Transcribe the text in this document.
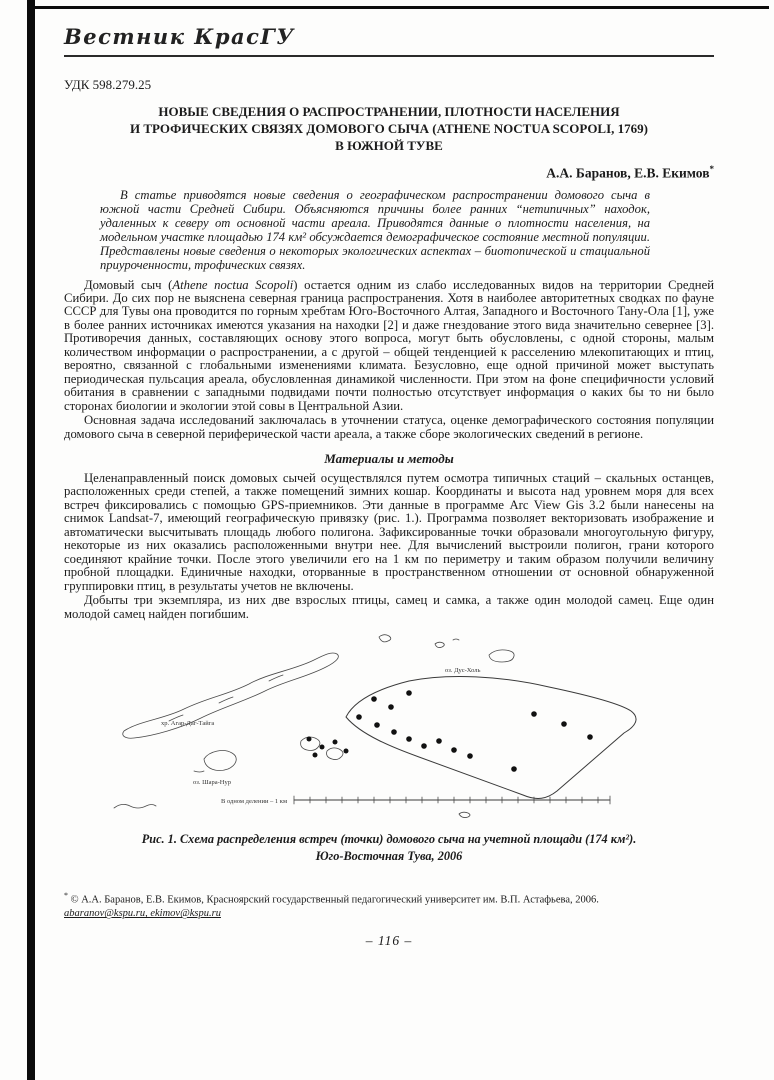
Вестник КрасГУ
УДК 598.279.25
НОВЫЕ СВЕДЕНИЯ О РАСПРОСТРАНЕНИИ, ПЛОТНОСТИ НАСЕЛЕНИЯ
И ТРОФИЧЕСКИХ СВЯЗЯХ ДОМОВОГО СЫЧА (ATHENE NOCTUA SCOPOLI, 1769)
В ЮЖНОЙ ТУВЕ
А.А. Баранов, Е.В. Екимов*
В статье приводятся новые сведения о географическом распространении домового сыча в южной части Средней Сибири. Объясняются причины более ранних “нетипичных” находок, удаленных к северу от основной части ареала. Приводятся данные о плотности населения, на модельном участке площадью 174 км² обсуждается демографическое состояние местной популяции. Представлены новые сведения о некоторых экологических аспектах – биотопической и стациальной приуроченности, трофических связях.

Домовый сыч (Athene noctua Scopoli) остается одним из слабо исследованных видов на территории Средней Сибири. До сих пор не выяснена северная граница распространения. Хотя в наиболее авторитетных сводках по фауне СССР для Тувы она проводится по горным хребтам Юго-Восточного Алтая, Западного и Восточного Тану-Ола [1], уже в более ранних источниках имеются указания на находки [2] и даже гнездование этого вида значительно севернее [3]. Противоречия данных, составляющих основу этого вопроса, могут быть обусловлены, с одной стороны, малым количеством информации о распространении, а с другой – общей тенденцией к расселению млекопитающих и птиц, вероятно, связанной с глобальными изменениями климата. Безусловно, еще одной причиной может выступать периодическая пульсация ареала, обусловленная динамикой численности. При этом на фоне специфичности условий обитания в сравнении с западными подвидами почти полностью отсутствует информация о каких бы то ни было сторонах биологии и экологии этой совы в Центральной Азии.

Основная задача исследований заключалась в уточнении статуса, оценке демографического состояния популяции домового сыча в северной периферической части ареала, а также сборе экологических сведений в регионе.

Материалы и методы

Целенаправленный поиск домовых сычей осуществлялся путем осмотра типичных стаций – скальных останцев, расположенных среди степей, а также помещений зимних кошар. Координаты и высота над уровнем моря для всех встреч фиксировались с помощью GPS-приемников. Эти данные в программе Arc View Gis 3.2 были нанесены на снимок Landsat-7, имеющий географическую привязку (рис. 1.). Программа позволяет векторизовать изображение и автоматически высчитывать площадь любого полигона. Зафиксированные точки образовали многоугольную фигуру, некоторые из них оказались расположенными внутри нее. Для вычислений выстроили полигон, грани которого соединяют крайние точки. После этого увеличили его на 1 км по периметру и таким образом получили величину пробной площадки. Единичные находки, оторванные в пространственном отношении от основной обнаруженной группировки птиц, в результаты учетов не включены.

Добыты три экземпляра, из них две взрослых птицы, самец и самка, а также один молодой самец. Еще один молодой самец найден погибшим.

оз. Дус-Холь
хр. Агар-Даг-Тайга
оз. Шара-Нур
В одном делении – 1 км
Рис. 1. Схема распределения встреч (точки) домового сыча на учетной площади (174 км²).
Юго-Восточная Тува, 2006
* © А.А. Баранов, Е.В. Екимов, Красноярский государственный педагогический университет им. В.П. Астафьева, 2006.
abaranov@kspu.ru, ekimov@kspu.ru
– 116 –
